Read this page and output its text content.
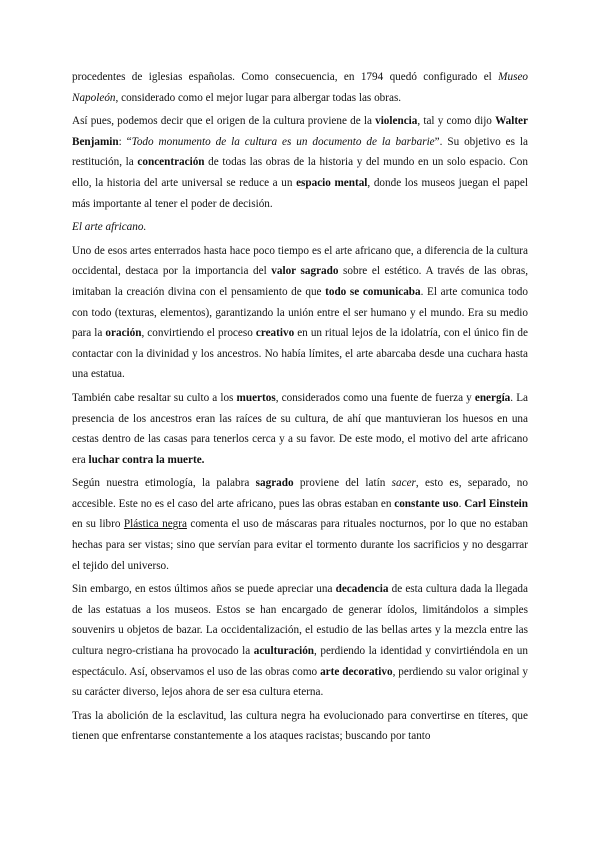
procedentes de iglesias españolas. Como consecuencia, en 1794 quedó configurado el Museo Napoleón, considerado como el mejor lugar para albergar todas las obras.

Así pues, podemos decir que el origen de la cultura proviene de la violencia, tal y como dijo Walter Benjamin: “Todo monumento de la cultura es un documento de la barbarie”. Su objetivo es la restitución, la concentración de todas las obras de la historia y del mundo en un solo espacio. Con ello, la historia del arte universal se reduce a un espacio mental, donde los museos juegan el papel más importante al tener el poder de decisión.

El arte africano.

Uno de esos artes enterrados hasta hace poco tiempo es el arte africano que, a diferencia de la cultura occidental, destaca por la importancia del valor sagrado sobre el estético. A través de las obras, imitaban la creación divina con el pensamiento de que todo se comunicaba. El arte comunica todo con todo (texturas, elementos), garantizando la unión entre el ser humano y el mundo. Era su medio para la oración, convirtiendo el proceso creativo en un ritual lejos de la idolatría, con el único fin de contactar con la divinidad y los ancestros. No había límites, el arte abarcaba desde una cuchara hasta una estatua.

También cabe resaltar su culto a los muertos, considerados como una fuente de fuerza y energía. La presencia de los ancestros eran las raíces de su cultura, de ahí que mantuvieran los huesos en una cestas dentro de las casas para tenerlos cerca y a su favor. De este modo, el motivo del arte africano era luchar contra la muerte.

Según nuestra etimología, la palabra sagrado proviene del latín sacer, esto es, separado, no accesible. Este no es el caso del arte africano, pues las obras estaban en constante uso. Carl Einstein en su libro Plástica negra comenta el uso de máscaras para rituales nocturnos, por lo que no estaban hechas para ser vistas; sino que servían para evitar el tormento durante los sacrificios y no desgarrar el tejido del universo.

Sin embargo, en estos últimos años se puede apreciar una decadencia de esta cultura dada la llegada de las estatuas a los museos. Estos se han encargado de generar ídolos, limitándolos a simples souvenirs u objetos de bazar. La occidentalización, el estudio de las bellas artes y la mezcla entre las cultura negro-cristiana ha provocado la aculturación, perdiendo la identidad y convirtiéndola en un espectáculo. Así, observamos el uso de las obras como arte decorativo, perdiendo su valor original y su carácter diverso, lejos ahora de ser esa cultura eterna.

Tras la abolición de la esclavitud, las cultura negra ha evolucionado para convertirse en títeres, que tienen que enfrentarse constantemente a los ataques racistas; buscando por tanto
